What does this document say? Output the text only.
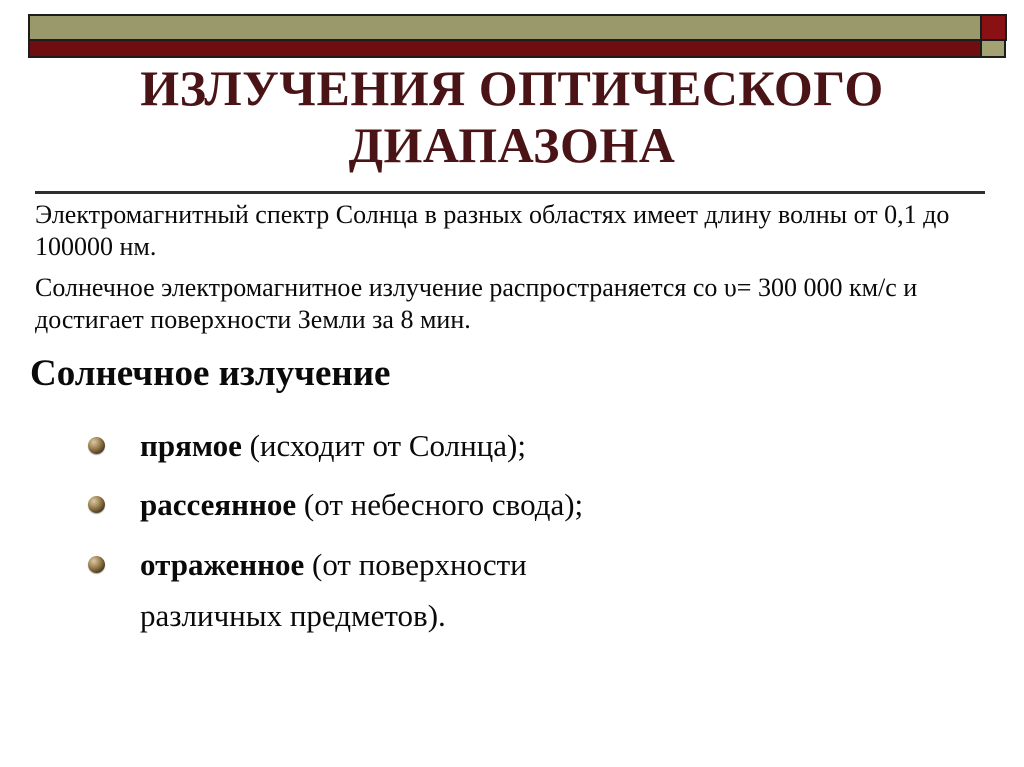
ИЗЛУЧЕНИЯ ОПТИЧЕСКОГО ДИАПАЗОНА

Электромагнитный спектр Солнца в разных областях имеет длину волны от 0,1 до 100000 нм.

Солнечное электромагнитное излучение распространяется со υ= 300 000 км/с и достигает поверхности Земли за 8 мин.

Солнечное излучение
прямое (исходит от Солнца);
рассеянное (от небесного свода);
отраженное (от поверхности различных предметов).
